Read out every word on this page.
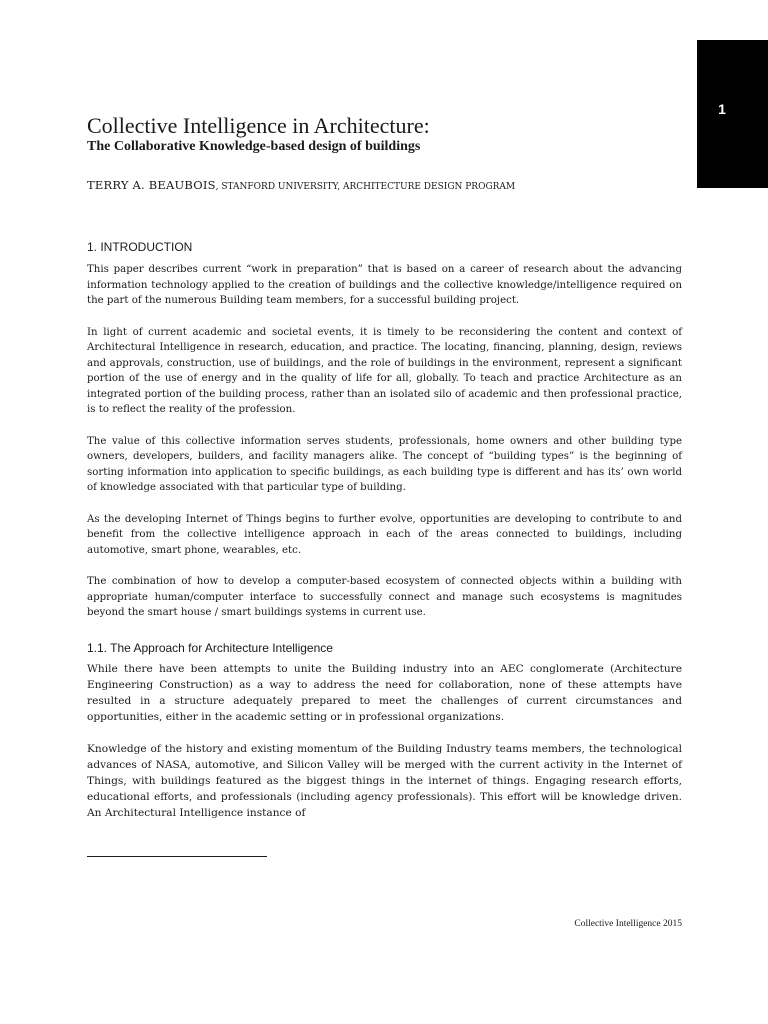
1
Collective Intelligence in Architecture:
The Collaborative Knowledge-based design of buildings
TERRY A. BEAUBOIS, STANFORD UNIVERSITY, ARCHITECTURE DESIGN PROGRAM
1. INTRODUCTION

This paper describes current “work in preparation” that is based on a career of research about the advancing information technology applied to the creation of buildings and the collective knowledge/intelligence required on the part of the numerous Building team members, for a successful building project.

In light of current academic and societal events, it is timely to be reconsidering the content and context of Architectural Intelligence in research, education, and practice. The locating, financing, planning, design, reviews and approvals, construction, use of buildings, and the role of buildings in the environment, represent a significant portion of the use of energy and in the quality of life for all, globally. To teach and practice Architecture as an integrated portion of the building process, rather than an isolated silo of academic and then professional practice, is to reflect the reality of the profession.

The value of this collective information serves students, professionals, home owners and other building type owners, developers, builders, and facility managers alike. The concept of “building types” is the beginning of sorting information into application to specific buildings, as each building type is different and has its’ own world of knowledge associated with that particular type of building.

As the developing Internet of Things begins to further evolve, opportunities are developing to contribute to and benefit from the collective intelligence approach in each of the areas connected to buildings, including automotive, smart phone, wearables, etc.

The combination of how to develop a computer-based ecosystem of connected objects within a building with appropriate human/computer interface to successfully connect and manage such ecosystems is magnitudes beyond the smart house / smart buildings systems in current use.

1.1. The Approach for Architecture Intelligence

While there have been attempts to unite the Building industry into an AEC conglomerate (Architecture Engineering Construction) as a way to address the need for collaboration, none of these attempts have resulted in a structure adequately prepared to meet the challenges of current circumstances and opportunities, either in the academic setting or in professional organizations.

Knowledge of the history and existing momentum of the Building Industry teams members, the technological advances of NASA, automotive, and Silicon Valley will be merged with the current activity in the Internet of Things, with buildings featured as the biggest things in the internet of things. Engaging research efforts, educational efforts, and professionals (including agency professionals). This effort will be knowledge driven. An Architectural Intelligence instance of

Collective Intelligence 2015
